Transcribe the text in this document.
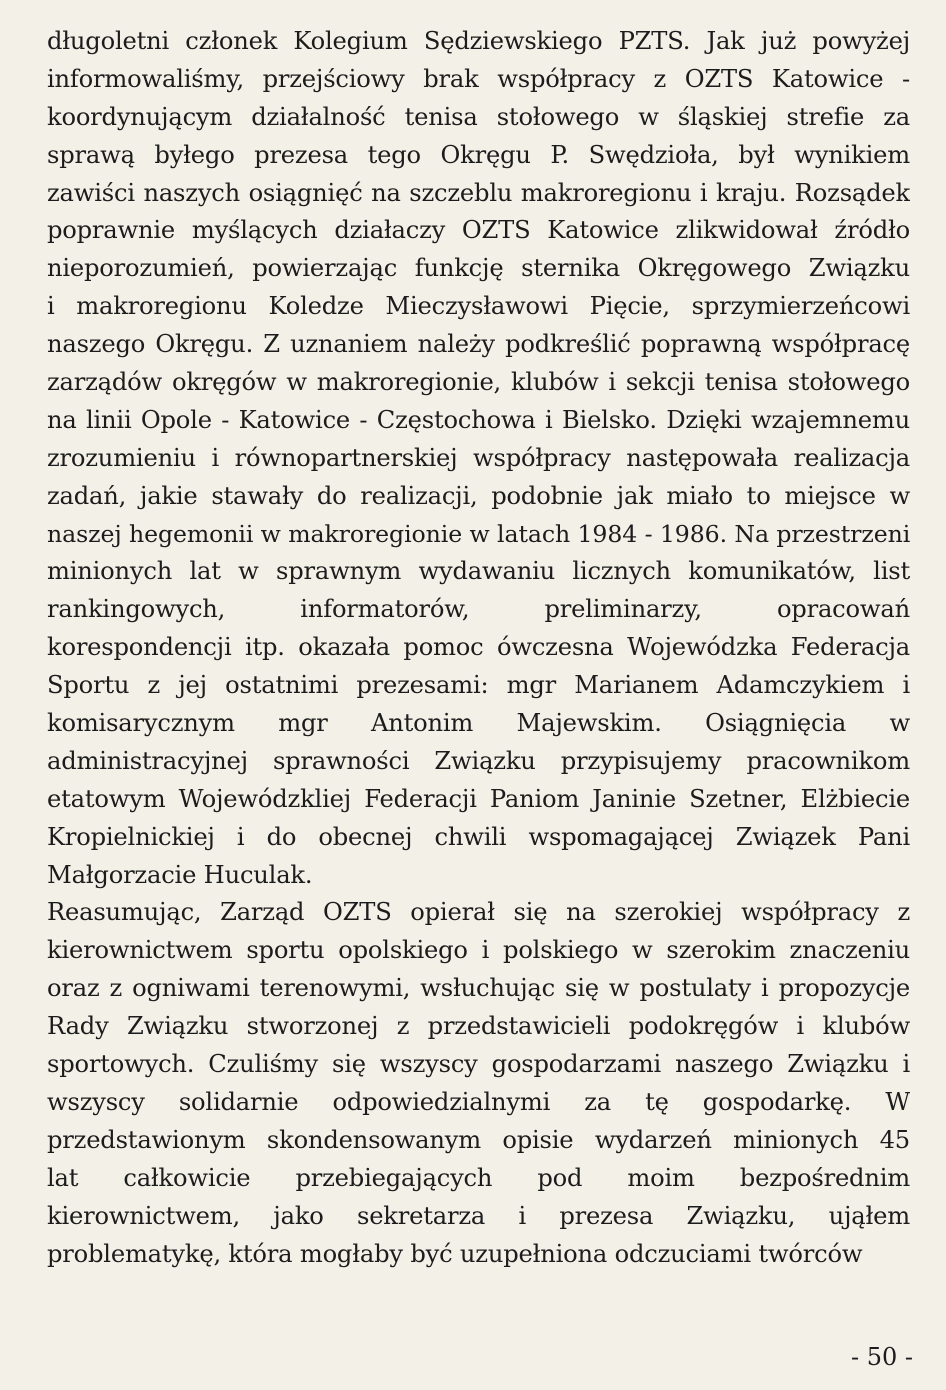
długoletni członek Kolegium Sędziewskiego PZTS. Jak już powyżej
informowaliśmy, przejściowy brak współpracy z OZTS Katowice -
koordynującym działalność tenisa stołowego w śląskiej strefie za
sprawą byłego prezesa tego Okręgu P. Swędzioła, był wynikiem
zawiści naszych osiągnięć na szczeblu makroregionu i kraju. Rozsądek
poprawnie myślących działaczy OZTS Katowice zlikwidował źródło
nieporozumień, powierzając funkcję sternika Okręgowego Związku
i makroregionu Koledze Mieczysławowi Pięcie, sprzymierzeńcowi
naszego Okręgu. Z uznaniem należy podkreślić poprawną współpracę
zarządów okręgów w makroregionie, klubów i sekcji tenisa stołowego
na linii Opole - Katowice - Częstochowa i Bielsko. Dzięki wzajemnemu
zrozumieniu i równopartnerskiej współpracy następowała realizacja
zadań, jakie stawały do realizacji, podobnie jak miało to miejsce w
naszej hegemonii w makroregionie w latach 1984 - 1986. Na przestrzeni
minionych lat w sprawnym wydawaniu licznych komunikatów, list
rankingowych, informatorów, preliminarzy, opracowań
korespondencji itp. okazała pomoc ówczesna Wojewódzka Federacja
Sportu z jej ostatnimi prezesami: mgr Marianem Adamczykiem i
komisarycznym mgr Antonim Majewskim. Osiągnięcia w
administracyjnej sprawności Związku przypisujemy pracownikom
etatowym Wojewódzkliej Federacji Paniom Janinie Szetner, Elżbiecie
Kropielnickiej i do obecnej chwili wspomagającej Związek Pani
Małgorzacie Huculak.
Reasumując, Zarząd OZTS opierał się na szerokiej współpracy z
kierownictwem sportu opolskiego i polskiego w szerokim znaczeniu
oraz z ogniwami terenowymi, wsłuchując się w postulaty i propozycje
Rady Związku stworzonej z przedstawicieli podokręgów i klubów
sportowych. Czuliśmy się wszyscy gospodarzami naszego Związku i
wszyscy solidarnie odpowiedzialnymi za tę gospodarkę. W
przedstawionym skondensowanym opisie wydarzeń minionych 45
lat całkowicie przebiegających pod moim bezpośrednim
kierownictwem, jako sekretarza i prezesa Związku, ująłem
problematykę, która mogłaby być uzupełniona odczuciami twórców
- 50 -
